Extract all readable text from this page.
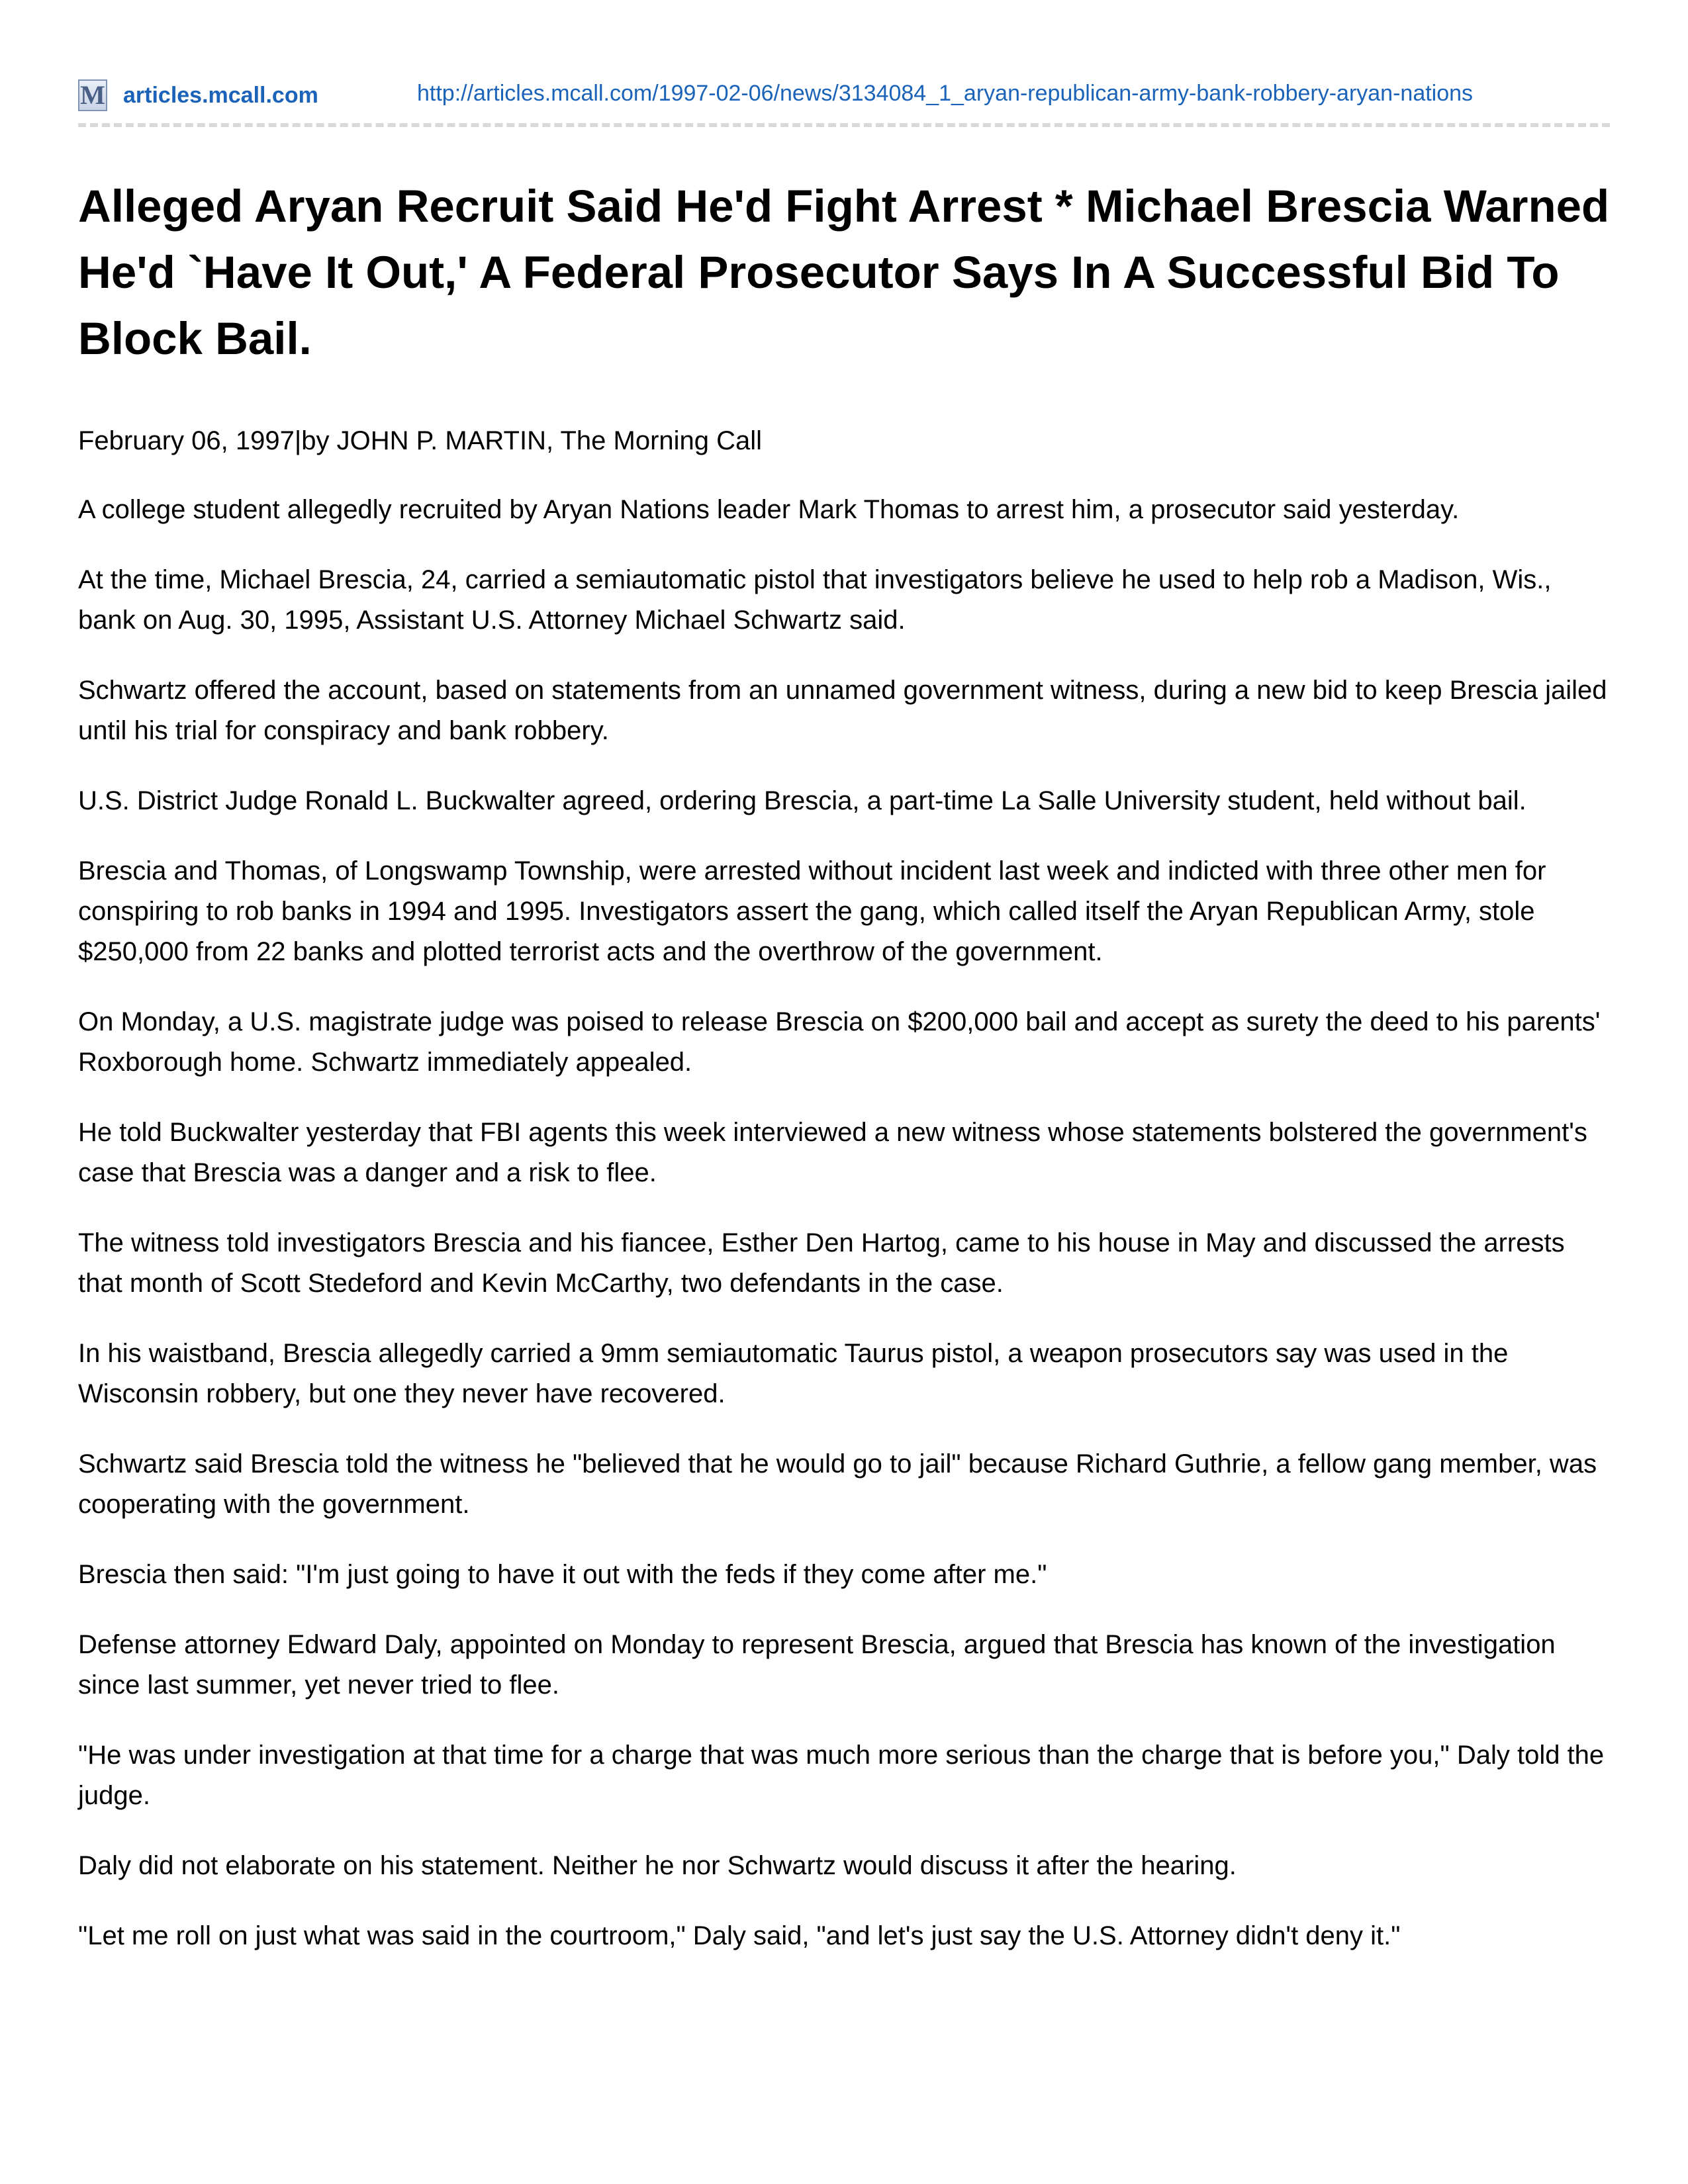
M articles.mcall.com	http://articles.mcall.com/1997-02-06/news/3134084_1_aryan-republican-army-bank-robbery-aryan-nations
Alleged Aryan Recruit Said He'd Fight Arrest * Michael Brescia Warned He'd `Have It Out,' A Federal Prosecutor Says In A Successful Bid To Block Bail.
February 06, 1997|by JOHN P. MARTIN, The Morning Call

A college student allegedly recruited by Aryan Nations leader Mark Thomas to arrest him, a prosecutor said yesterday.

At the time, Michael Brescia, 24, carried a semiautomatic pistol that investigators believe he used to help rob a Madison, Wis., bank on Aug. 30, 1995, Assistant U.S. Attorney Michael Schwartz said.

Schwartz offered the account, based on statements from an unnamed government witness, during a new bid to keep Brescia jailed until his trial for conspiracy and bank robbery.

U.S. District Judge Ronald L. Buckwalter agreed, ordering Brescia, a part-time La Salle University student, held without bail.

Brescia and Thomas, of Longswamp Township, were arrested without incident last week and indicted with three other men for conspiring to rob banks in 1994 and 1995. Investigators assert the gang, which called itself the Aryan Republican Army, stole $250,000 from 22 banks and plotted terrorist acts and the overthrow of the government.

On Monday, a U.S. magistrate judge was poised to release Brescia on $200,000 bail and accept as surety the deed to his parents' Roxborough home. Schwartz immediately appealed.

He told Buckwalter yesterday that FBI agents this week interviewed a new witness whose statements bolstered the government's case that Brescia was a danger and a risk to flee.

The witness told investigators Brescia and his fiancee, Esther Den Hartog, came to his house in May and discussed the arrests that month of Scott Stedeford and Kevin McCarthy, two defendants in the case.

In his waistband, Brescia allegedly carried a 9mm semiautomatic Taurus pistol, a weapon prosecutors say was used in the Wisconsin robbery, but one they never have recovered.

Schwartz said Brescia told the witness he "believed that he would go to jail" because Richard Guthrie, a fellow gang member, was cooperating with the government.

Brescia then said: "I'm just going to have it out with the feds if they come after me."

Defense attorney Edward Daly, appointed on Monday to represent Brescia, argued that Brescia has known of the investigation since last summer, yet never tried to flee.

"He was under investigation at that time for a charge that was much more serious than the charge that is before you," Daly told the judge.

Daly did not elaborate on his statement. Neither he nor Schwartz would discuss it after the hearing.

"Let me roll on just what was said in the courtroom," Daly said, "and let's just say the U.S. Attorney didn't deny it."
